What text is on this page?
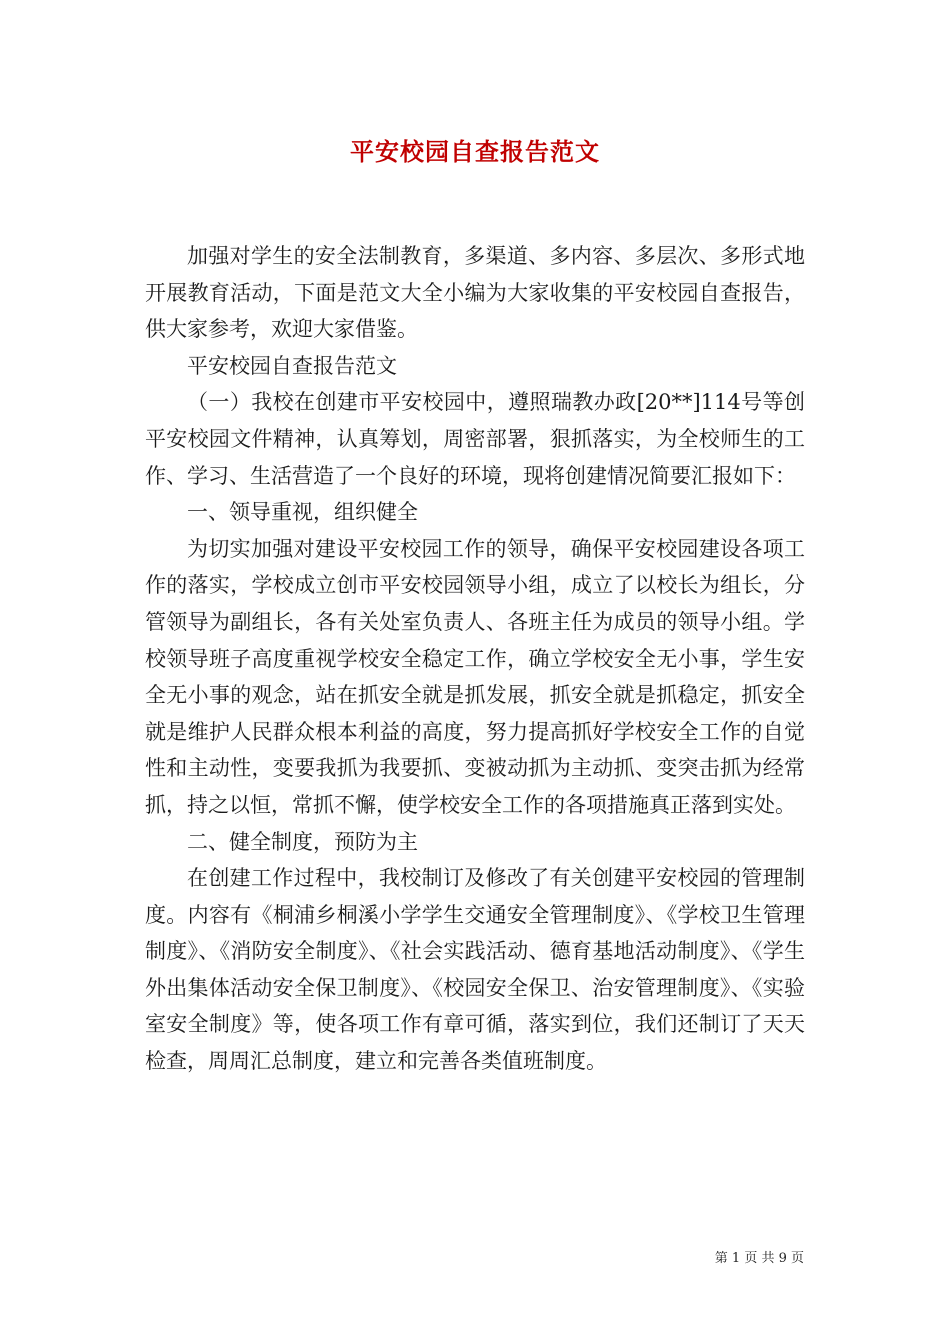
平安校园自查报告范文

加强对学生的安全法制教育，多渠道、多内容、多层次、多形式地开展教育活动，下面是范文大全小编为大家收集的平安校园自查报告，供大家参考，欢迎大家借鉴。

平安校园自查报告范文

（一）我校在创建市平安校园中，遵照瑞教办政[20**]114号等创平安校园文件精神，认真筹划，周密部署，狠抓落实，为全校师生的工作、学习、生活营造了一个良好的环境，现将创建情况简要汇报如下：

一、领导重视，组织健全

为切实加强对建设平安校园工作的领导，确保平安校园建设各项工作的落实，学校成立创市平安校园领导小组，成立了以校长为组长，分管领导为副组长，各有关处室负责人、各班主任为成员的领导小组。学校领导班子高度重视学校安全稳定工作，确立学校安全无小事，学生安全无小事的观念，站在抓安全就是抓发展，抓安全就是抓稳定，抓安全就是维护人民群众根本利益的高度，努力提高抓好学校安全工作的自觉性和主动性，变要我抓为我要抓、变被动抓为主动抓、变突击抓为经常抓，持之以恒，常抓不懈，使学校安全工作的各项措施真正落到实处。

二、健全制度，预防为主

在创建工作过程中，我校制订及修改了有关创建平安校园的管理制度。内容有《桐浦乡桐溪小学学生交通安全管理制度》、《学校卫生管理制度》、《消防安全制度》、《社会实践活动、德育基地活动制度》、《学生外出集体活动安全保卫制度》、《校园安全保卫、治安管理制度》、《实验室安全制度》等，使各项工作有章可循，落实到位，我们还制订了天天检查，周周汇总制度，建立和完善各类值班制度。

第 1 页 共 9 页
